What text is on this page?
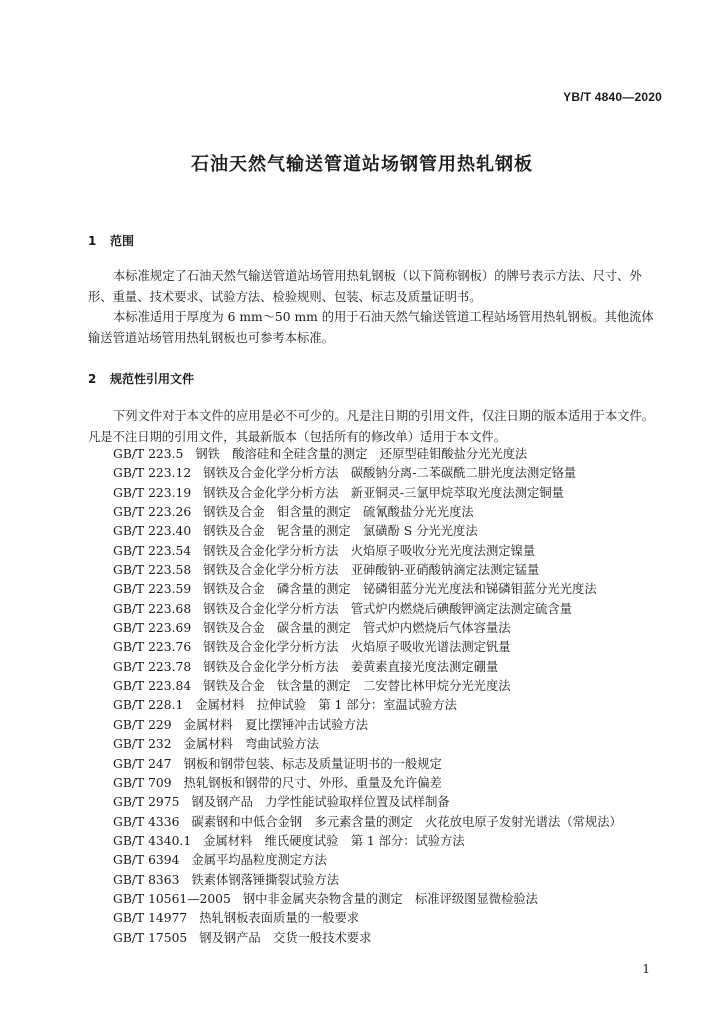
YB/T 4840—2020
石油天然气输送管道站场钢管用热轧钢板
1 范围

本标准规定了石油天然气输送管道站场管用热轧钢板（以下简称钢板）的牌号表示方法、尺寸、外形、重量、技术要求、试验方法、检验规则、包装、标志及质量证明书。

本标准适用于厚度为 6 mm～50 mm 的用于石油天然气输送管道工程站场管用热轧钢板。其他流体输送管道站场管用热轧钢板也可参考本标准。

2 规范性引用文件

下列文件对于本文件的应用是必不可少的。凡是注日期的引用文件，仅注日期的版本适用于本文件。凡是不注日期的引用文件，其最新版本（包括所有的修改单）适用于本文件。

GB/T 223.5 钢铁　酸溶硅和全硅含量的测定　还原型硅钼酸盐分光光度法
GB/T 223.12 钢铁及合金化学分析方法　碳酸钠分离-二苯碳酰二肼光度法测定铬量
GB/T 223.19 钢铁及合金化学分析方法　新亚铜灵-三氯甲烷萃取光度法测定铜量
GB/T 223.26 钢铁及合金　钼含量的测定　硫氰酸盐分光光度法
GB/T 223.40 钢铁及合金　铌含量的测定　氯磺酚 S 分光光度法
GB/T 223.54 钢铁及合金化学分析方法　火焰原子吸收分光光度法测定镍量
GB/T 223.58 钢铁及合金化学分析方法　亚砷酸钠-亚硝酸钠滴定法测定锰量
GB/T 223.59 钢铁及合金　磷含量的测定　铋磷钼蓝分光光度法和锑磷钼蓝分光光度法
GB/T 223.68 钢铁及合金化学分析方法　管式炉内燃烧后碘酸钾滴定法测定硫含量
GB/T 223.69 钢铁及合金　碳含量的测定　管式炉内燃烧后气体容量法
GB/T 223.76 钢铁及合金化学分析方法　火焰原子吸收光谱法测定钒量
GB/T 223.78 钢铁及合金化学分析方法　姜黄素直接光度法测定硼量
GB/T 223.84 钢铁及合金　钛含量的测定　二安替比林甲烷分光光度法
GB/T 228.1 金属材料　拉伸试验　第 1 部分：室温试验方法
GB/T 229 金属材料　夏比摆锤冲击试验方法
GB/T 232 金属材料　弯曲试验方法
GB/T 247 钢板和钢带包装、标志及质量证明书的一般规定
GB/T 709 热轧钢板和钢带的尺寸、外形、重量及允许偏差
GB/T 2975 钢及钢产品　力学性能试验取样位置及试样制备
GB/T 4336 碳素钢和中低合金钢　多元素含量的测定　火花放电原子发射光谱法（常规法）
GB/T 4340.1 金属材料　维氏硬度试验　第 1 部分：试验方法
GB/T 6394 金属平均晶粒度测定方法
GB/T 8363 铁素体钢落锤撕裂试验方法
GB/T 10561—2005 钢中非金属夹杂物含量的测定　标准评级图显微检验法
GB/T 14977 热轧钢板表面质量的一般要求
GB/T 17505 钢及钢产品　交货一般技术要求
1
